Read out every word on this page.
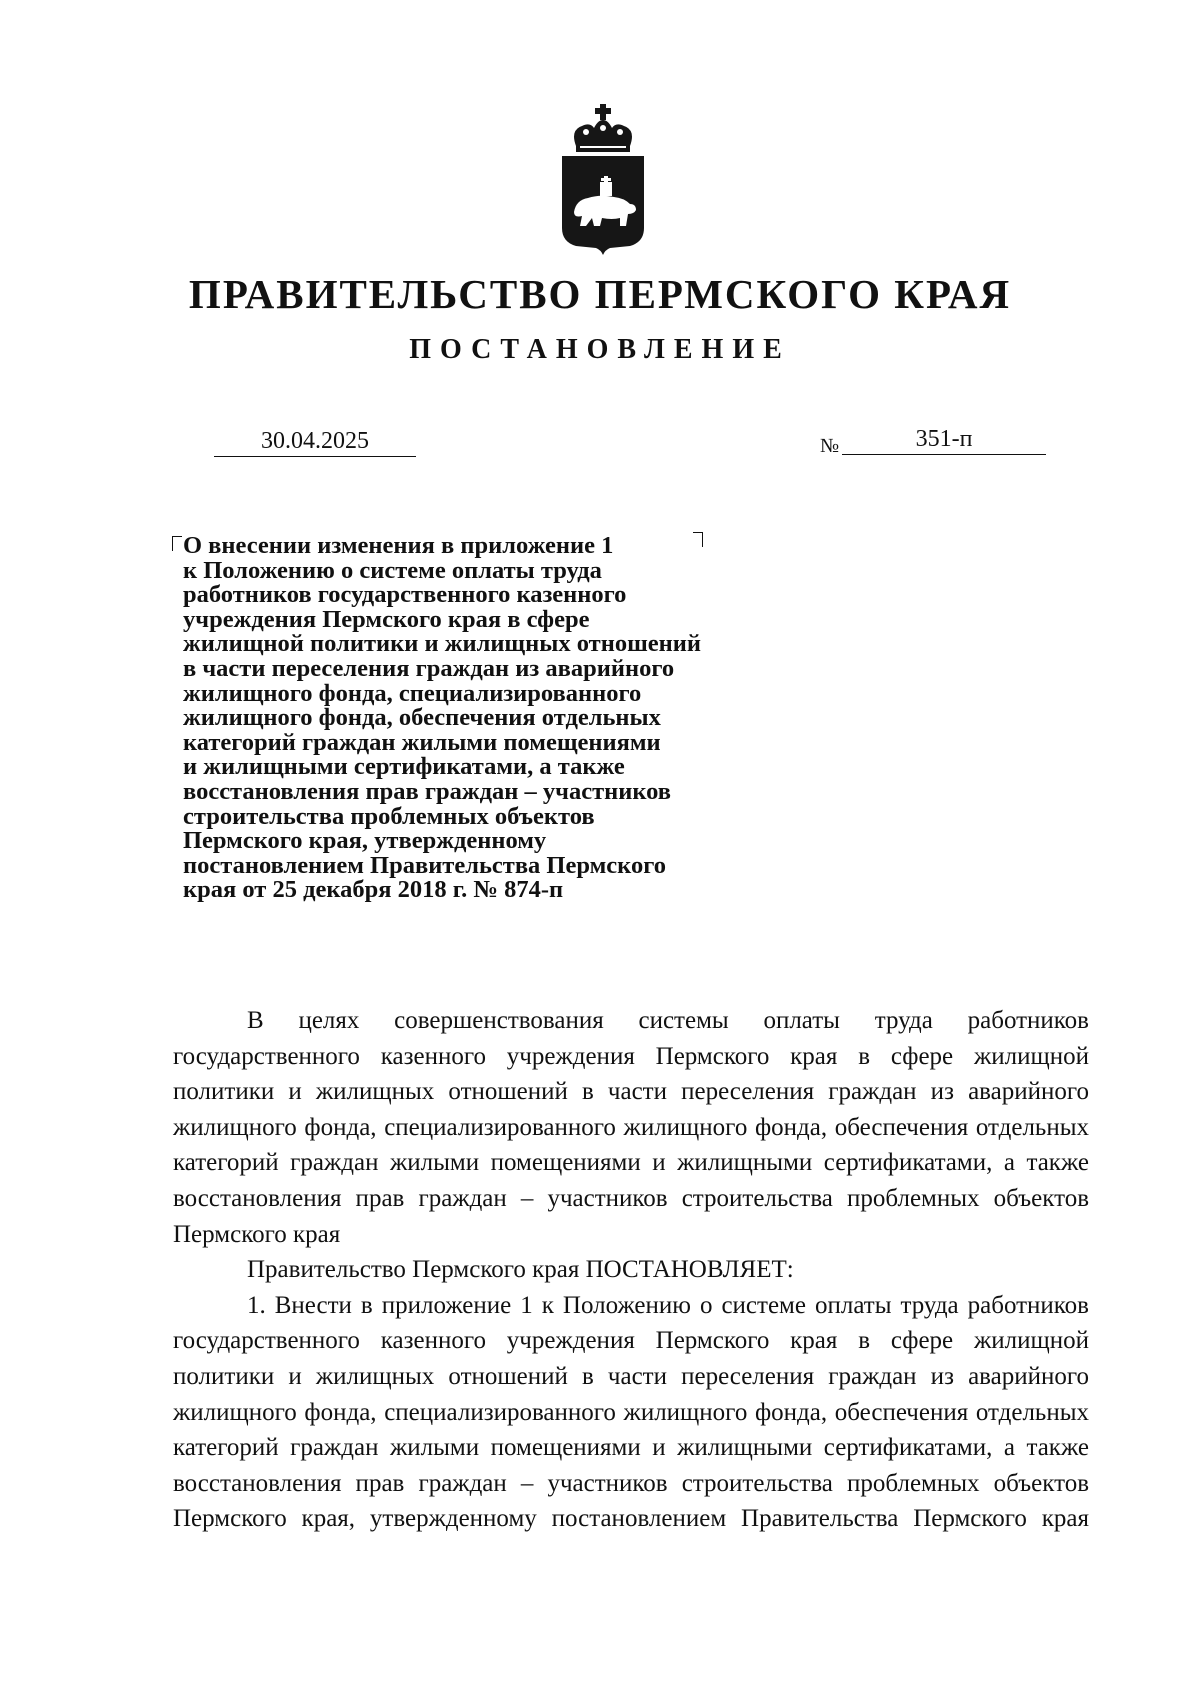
ПРАВИТЕЛЬСТВО ПЕРМСКОГО КРАЯ
ПОСТАНОВЛЕНИЕ
30.04.2025	№	351-п
О внесении изменения в приложение 1
к Положению о системе оплаты труда
работников государственного казенного
учреждения Пермского края в сфере
жилищной политики и жилищных отношений
в части переселения граждан из аварийного
жилищного фонда, специализированного
жилищного фонда, обеспечения отдельных
категорий граждан жилыми помещениями
и жилищными сертификатами, а также
восстановления прав граждан – участников
строительства проблемных объектов
Пермского края, утвержденному
постановлением Правительства Пермского
края от 25 декабря 2018 г. № 874-п

В целях совершенствования системы оплаты труда работников государственного казенного учреждения Пермского края в сфере жилищной политики и жилищных отношений в части переселения граждан из аварийного жилищного фонда, специализированного жилищного фонда, обеспечения отдельных категорий граждан жилыми помещениями и жилищными сертификатами, а также восстановления прав граждан – участников строительства проблемных объектов Пермского края

Правительство Пермского края ПОСТАНОВЛЯЕТ:

1. Внести в приложение 1 к Положению о системе оплаты труда работников государственного казенного учреждения Пермского края в сфере жилищной политики и жилищных отношений в части переселения граждан из аварийного жилищного фонда, специализированного жилищного фонда, обеспечения отдельных категорий граждан жилыми помещениями и жилищными сертификатами, а также восстановления прав граждан – участников строительства проблемных объектов Пермского края, утвержденному постановлением Правительства Пермского края
